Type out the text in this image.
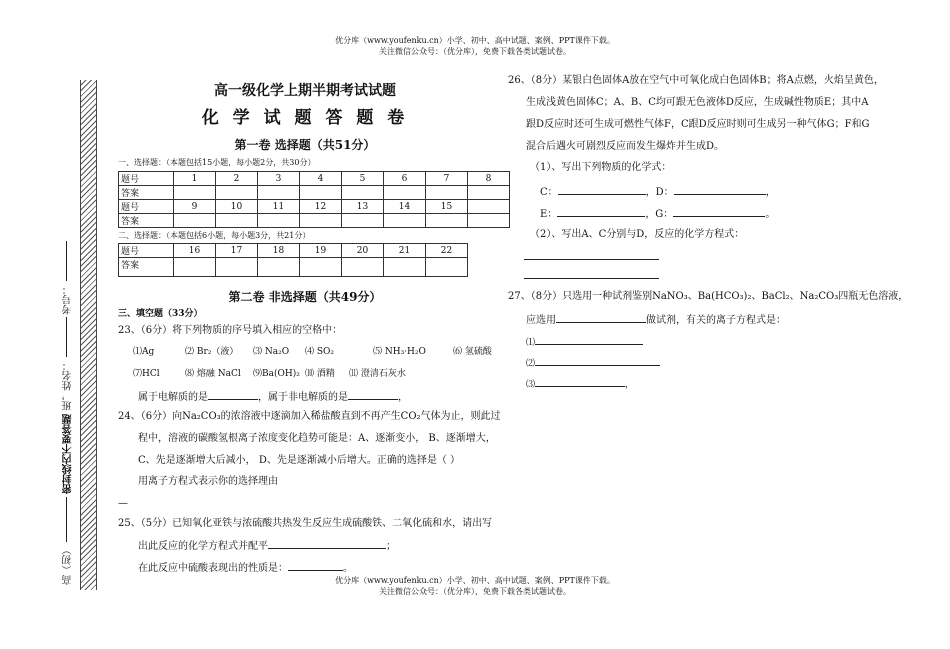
优分库（www.youfenku.cn）小学、初中、高中试题、案例、PPT课件下载。
关注微信公众号：（优分库），免费下载各类试题试卷。
优分库（www.youfenku.cn）小学、初中、高中试题、案例、PPT课件下载。
关注微信公众号：（优分库），免费下载各类试题试卷。
高（初）  密封线内不要答题 班，姓名：  考号：
高一级化学上期半期考试试题
化 学 试 题 答 题 卷
第一卷 选择题（共51分）
一、选择题：（本题包括15小题，每小题2分，共30分）
题号	1	2	3	4	5	6	7	8
答案								
题号	9	10	11	12	13	14	15	
答案								
二、选择题：（本题包括6小题，每小题3分，共21分）
题号	16	17	18	19	20	21	22
答案							
第二卷 非选择题（共49分）
三、填空题（33分）
23、（6分）将下列物质的序号填入相应的空格中：
⑴Ag	⑵ Br₂（液） ⑶ Na₂O ⑷ SO₂	⑸ NH₃·H₂O	⑹ 氢硫酸
⑺HCl	⑻ 熔融 NaCl ⑼Ba(OH)₂ ⑽ 酒精 ⑾ 澄清石灰水
属于电解质的是	，属于非电解质的是	，
24、（6分）向Na₂CO₃的浓溶液中逐滴加入稀盐酸直到不再产生CO₂气体为止，则此过
程中，溶液的碳酸氢根离子浓度变化趋势可能是：A、逐渐变小， B、逐渐增大，
C、先是逐渐增大后减小， D、先是逐渐减小后增大。正确的选择是（ ）
用离子方程式表示你的选择理由
—
25、（5分）已知氧化亚铁与浓硫酸共热发生反应生成硫酸铁、二氧化硫和水，请出写
出此反应的化学方程式并配平	；
在此反应中硫酸表现出的性质是：	。
26、（8分）某银白色固体A放在空气中可氧化成白色固体B；将A点燃，火焰呈黄色，
生成浅黄色固体C；A、B、C均可跟无色液体D反应，生成碱性物质E；其中A
跟D反应时还可生成可燃性气体F，C跟D反应时则可生成另一种气体G；F和G
混合后遇火可剧烈反应而发生爆炸并生成D。
（1）、写出下列物质的化学式：
C：	，D：	，
E：	，G：	。
（2）、写出A、C分别与D，反应的化学方程式：
27、（8分）只选用一种试剂鉴别NaNO₃、Ba(HCO₃)₂、BaCl₂、Na₂CO₃四瓶无色溶液，
应选用	做试剂，有关的离子方程式是：
⑴
⑵
⑶	，
